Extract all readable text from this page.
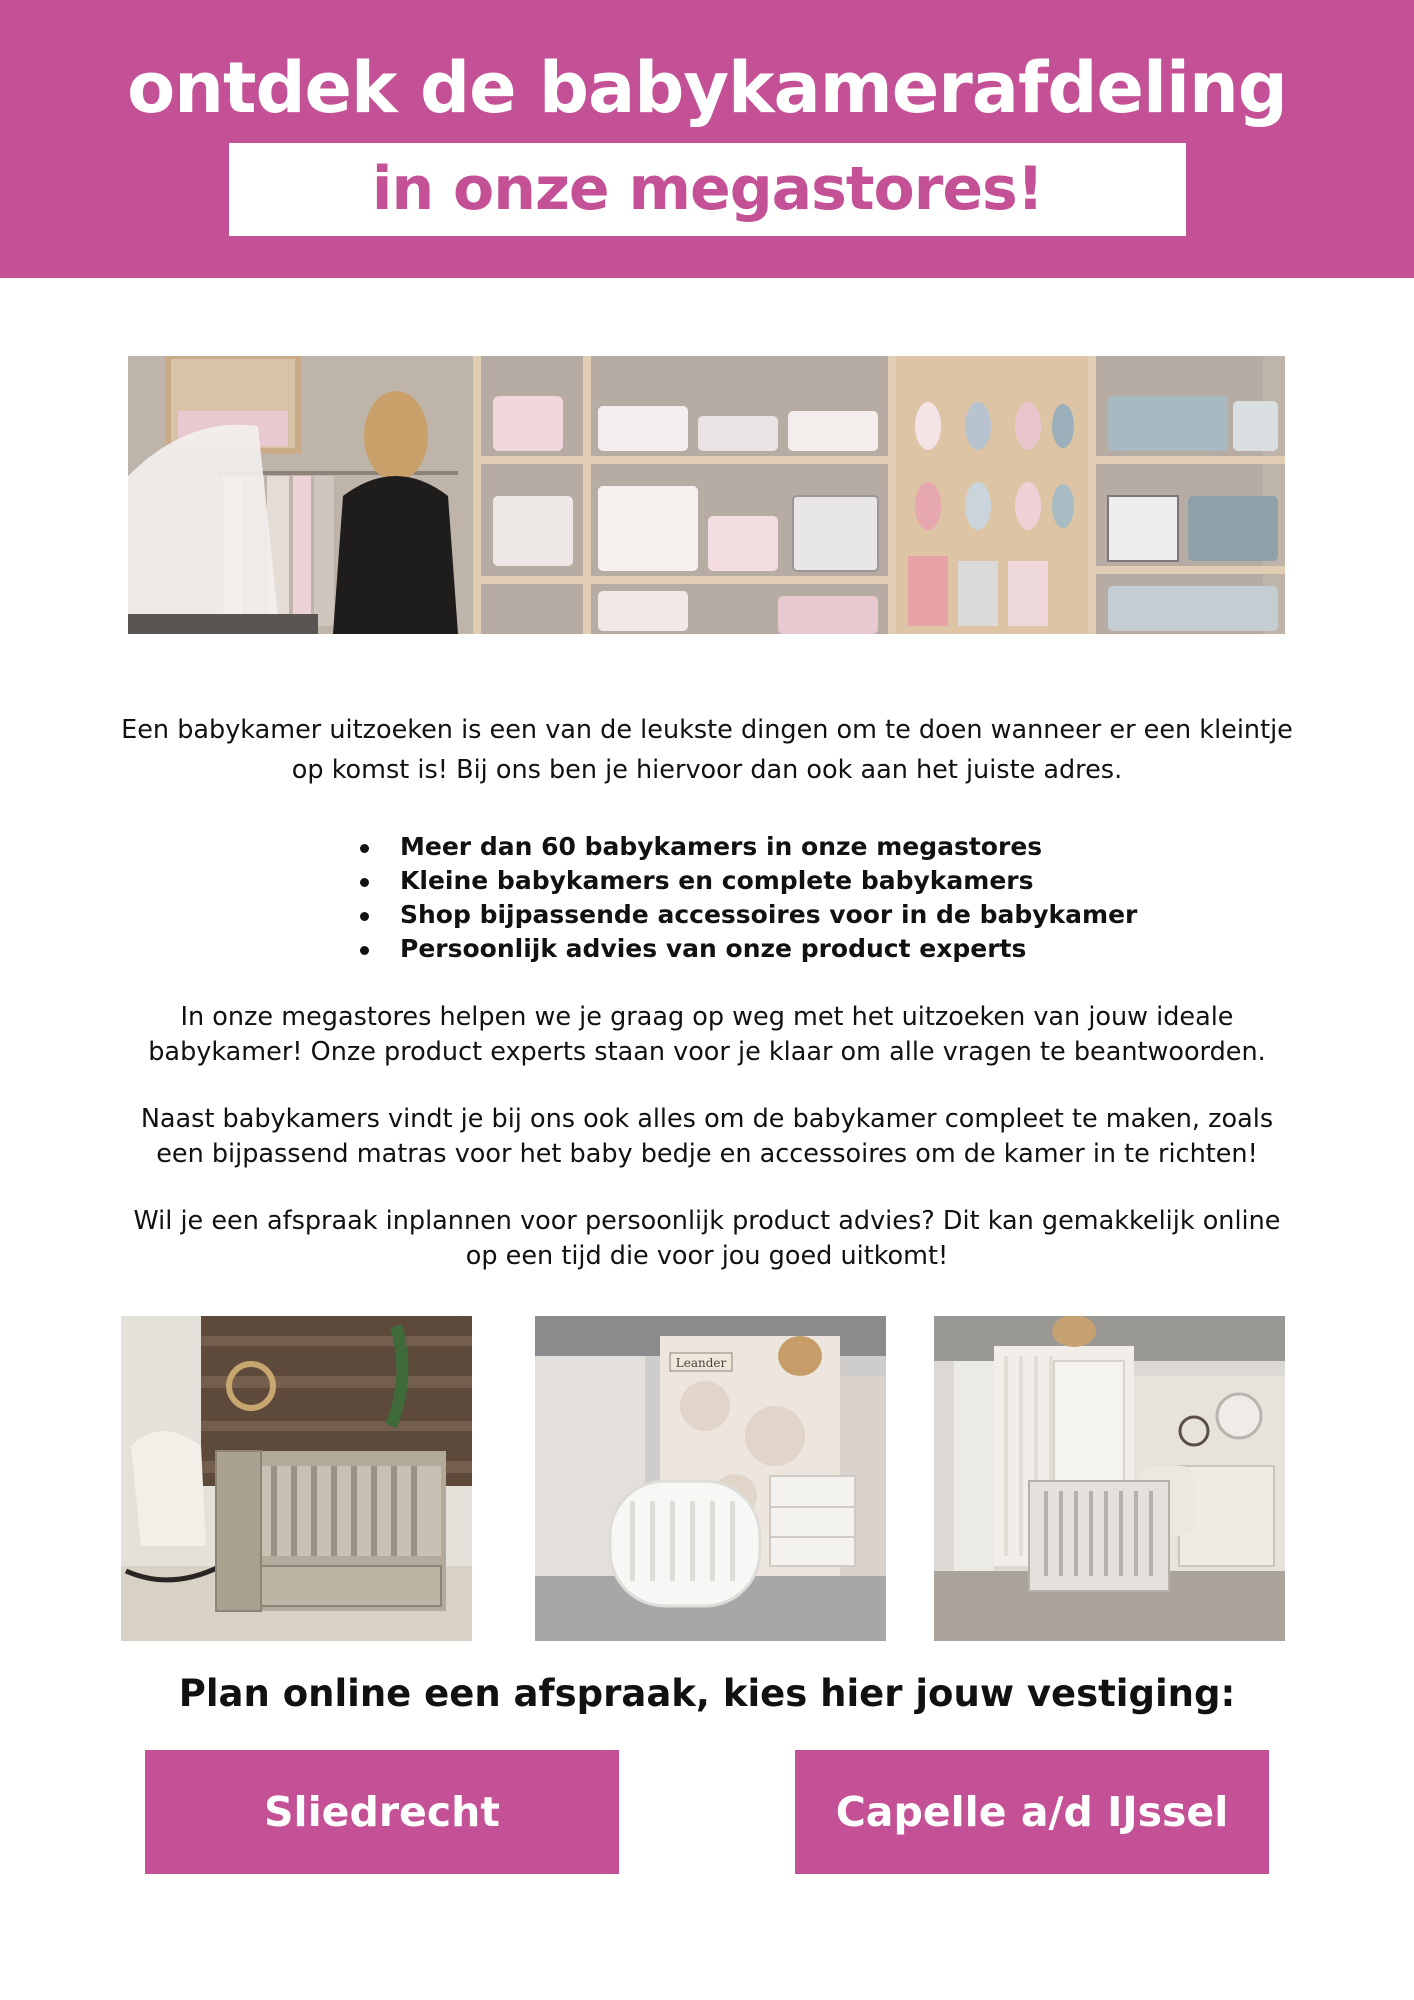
ontdek de babykamerafdeling
in onze megastores!

Een babykamer uitzoeken is een van de leukste dingen om te doen wanneer er een kleintje

op komst is! Bij ons ben je hiervoor dan ook aan het juiste adres.

Meer dan 60 babykamers in onze megastores
Kleine babykamers en complete babykamers
Shop bijpassende accessoires voor in de babykamer
Persoonlijk advies van onze product experts

In onze megastores helpen we je graag op weg met het uitzoeken van jouw ideale

babykamer! Onze product experts staan voor je klaar om alle vragen te beantwoorden.

Naast babykamers vindt je bij ons ook alles om de babykamer compleet te maken, zoals

een bijpassend matras voor het baby bedje en accessoires om de kamer in te richten!

Wil je een afspraak inplannen voor persoonlijk product advies? Dit kan gemakkelijk online

op een tijd die voor jou goed uitkomt!

Leander
Plan online een afspraak, kies hier jouw vestiging:
Sliedrecht	Capelle a/d IJssel
